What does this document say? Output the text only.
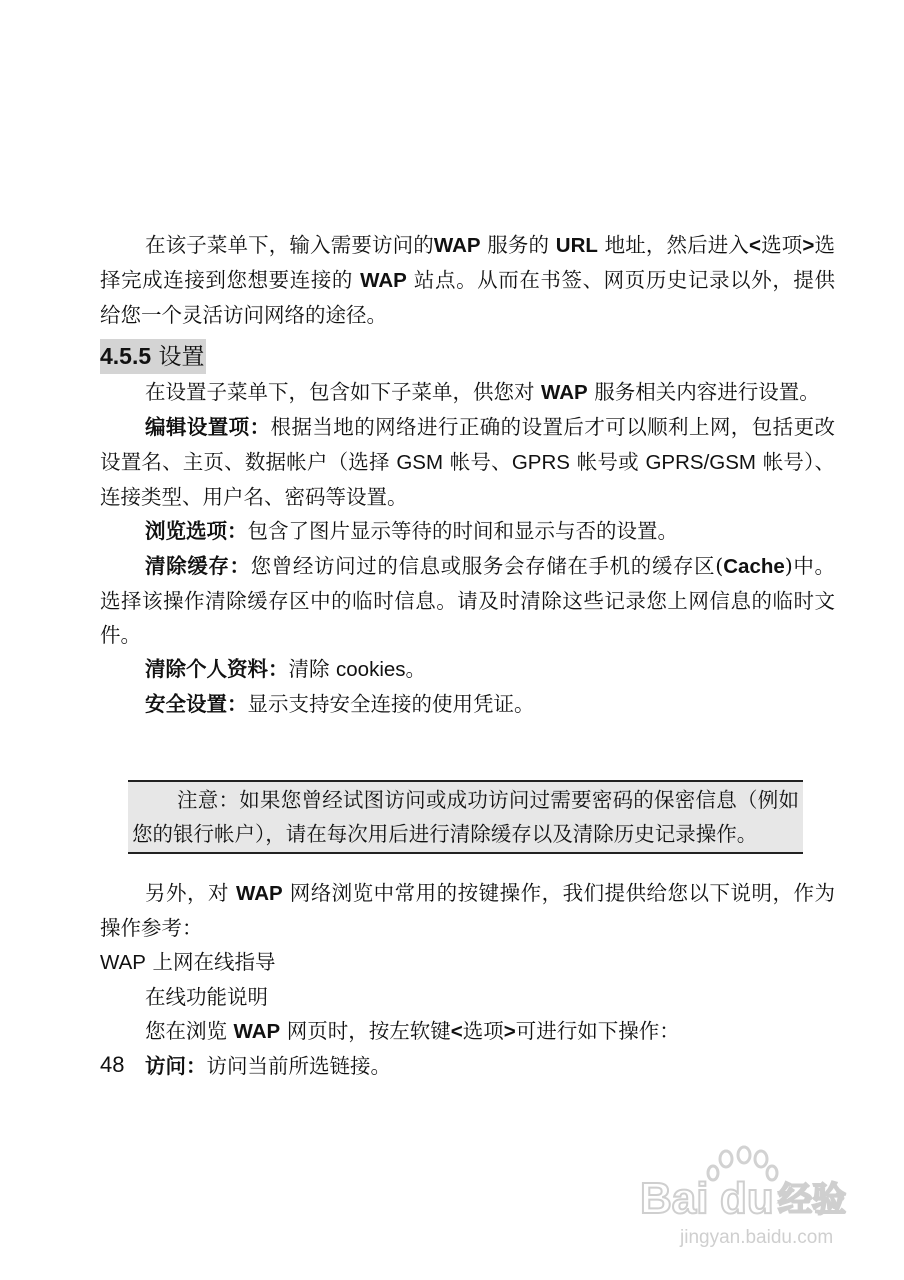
在该子菜单下，输入需要访问的WAP 服务的 URL 地址，然后进入<选项>选择完成连接到您想要连接的 WAP 站点。从而在书签、网页历史记录以外，提供给您一个灵活访问网络的途径。

4.5.5 设置

在设置子菜单下，包含如下子菜单，供您对 WAP 服务相关内容进行设置。

编辑设置项：根据当地的网络进行正确的设置后才可以顺利上网，包括更改设置名、主页、数据帐户（选择 GSM 帐号、GPRS 帐号或 GPRS/GSM 帐号）、连接类型、用户名、密码等设置。

浏览选项：包含了图片显示等待的时间和显示与否的设置。

清除缓存：您曾经访问过的信息或服务会存储在手机的缓存区(Cache)中。选择该操作清除缓存区中的临时信息。请及时清除这些记录您上网信息的临时文件。

清除个人资料：清除 cookies。

安全设置：显示支持安全连接的使用凭证。

注意：如果您曾经试图访问或成功访问过需要密码的保密信息（例如您的银行帐户），请在每次用后进行清除缓存以及清除历史记录操作。

另外，对 WAP 网络浏览中常用的按键操作，我们提供给您以下说明，作为操作参考：

WAP 上网在线指导

在线功能说明

您在浏览 WAP 网页时，按左软键<选项>可进行如下操作：

访问：访问当前所选链接。

48
Bai du 经验
jingyan.baidu.com
